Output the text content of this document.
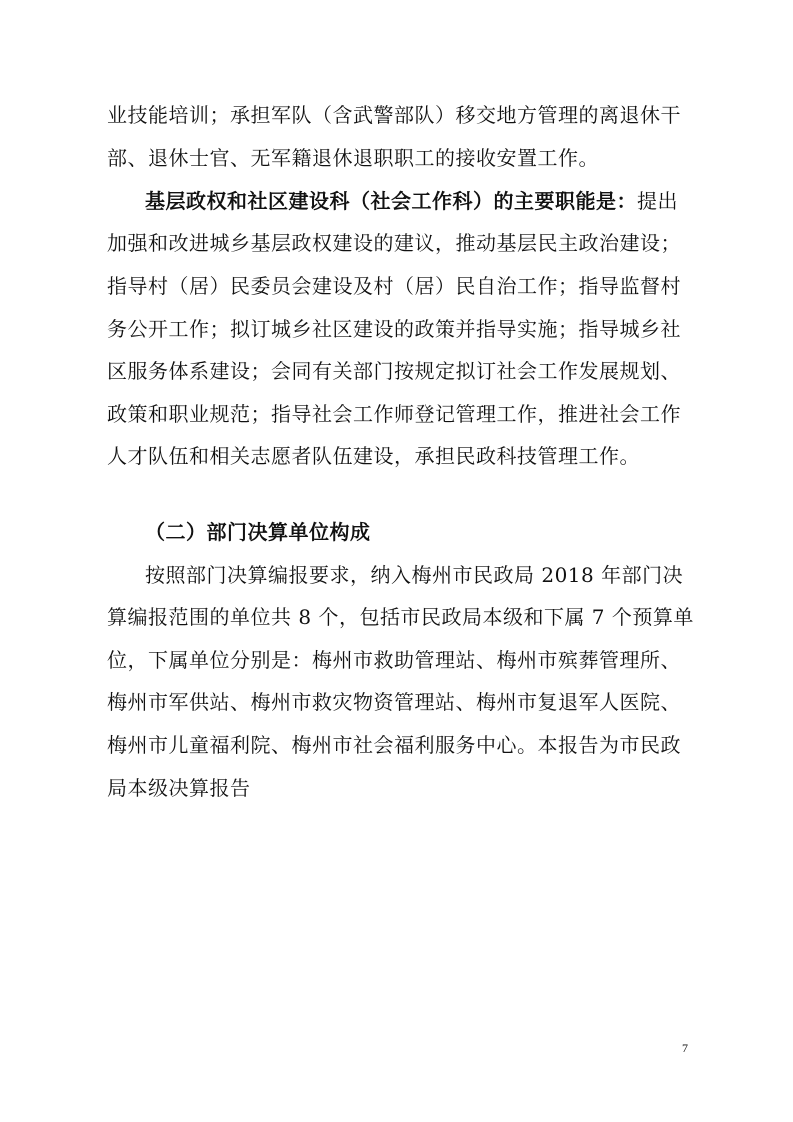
业技能培训；承担军队（含武警部队）移交地方管理的离退休干
部、退休士官、无军籍退休退职职工的接收安置工作。
基层政权和社区建设科（社会工作科）的主要职能是：提出
加强和改进城乡基层政权建设的建议，推动基层民主政治建设；
指导村（居）民委员会建设及村（居）民自治工作；指导监督村
务公开工作；拟订城乡社区建设的政策并指导实施；指导城乡社
区服务体系建设；会同有关部门按规定拟订社会工作发展规划、
政策和职业规范；指导社会工作师登记管理工作，推进社会工作
人才队伍和相关志愿者队伍建设，承担民政科技管理工作。
（二）部门决算单位构成
按照部门决算编报要求，纳入梅州市民政局 2018 年部门决
算编报范围的单位共 8 个，包括市民政局本级和下属 7 个预算单
位，下属单位分别是：梅州市救助管理站、梅州市殡葬管理所、
梅州市军供站、梅州市救灾物资管理站、梅州市复退军人医院、
梅州市儿童福利院、梅州市社会福利服务中心。本报告为市民政
局本级决算报告
7
